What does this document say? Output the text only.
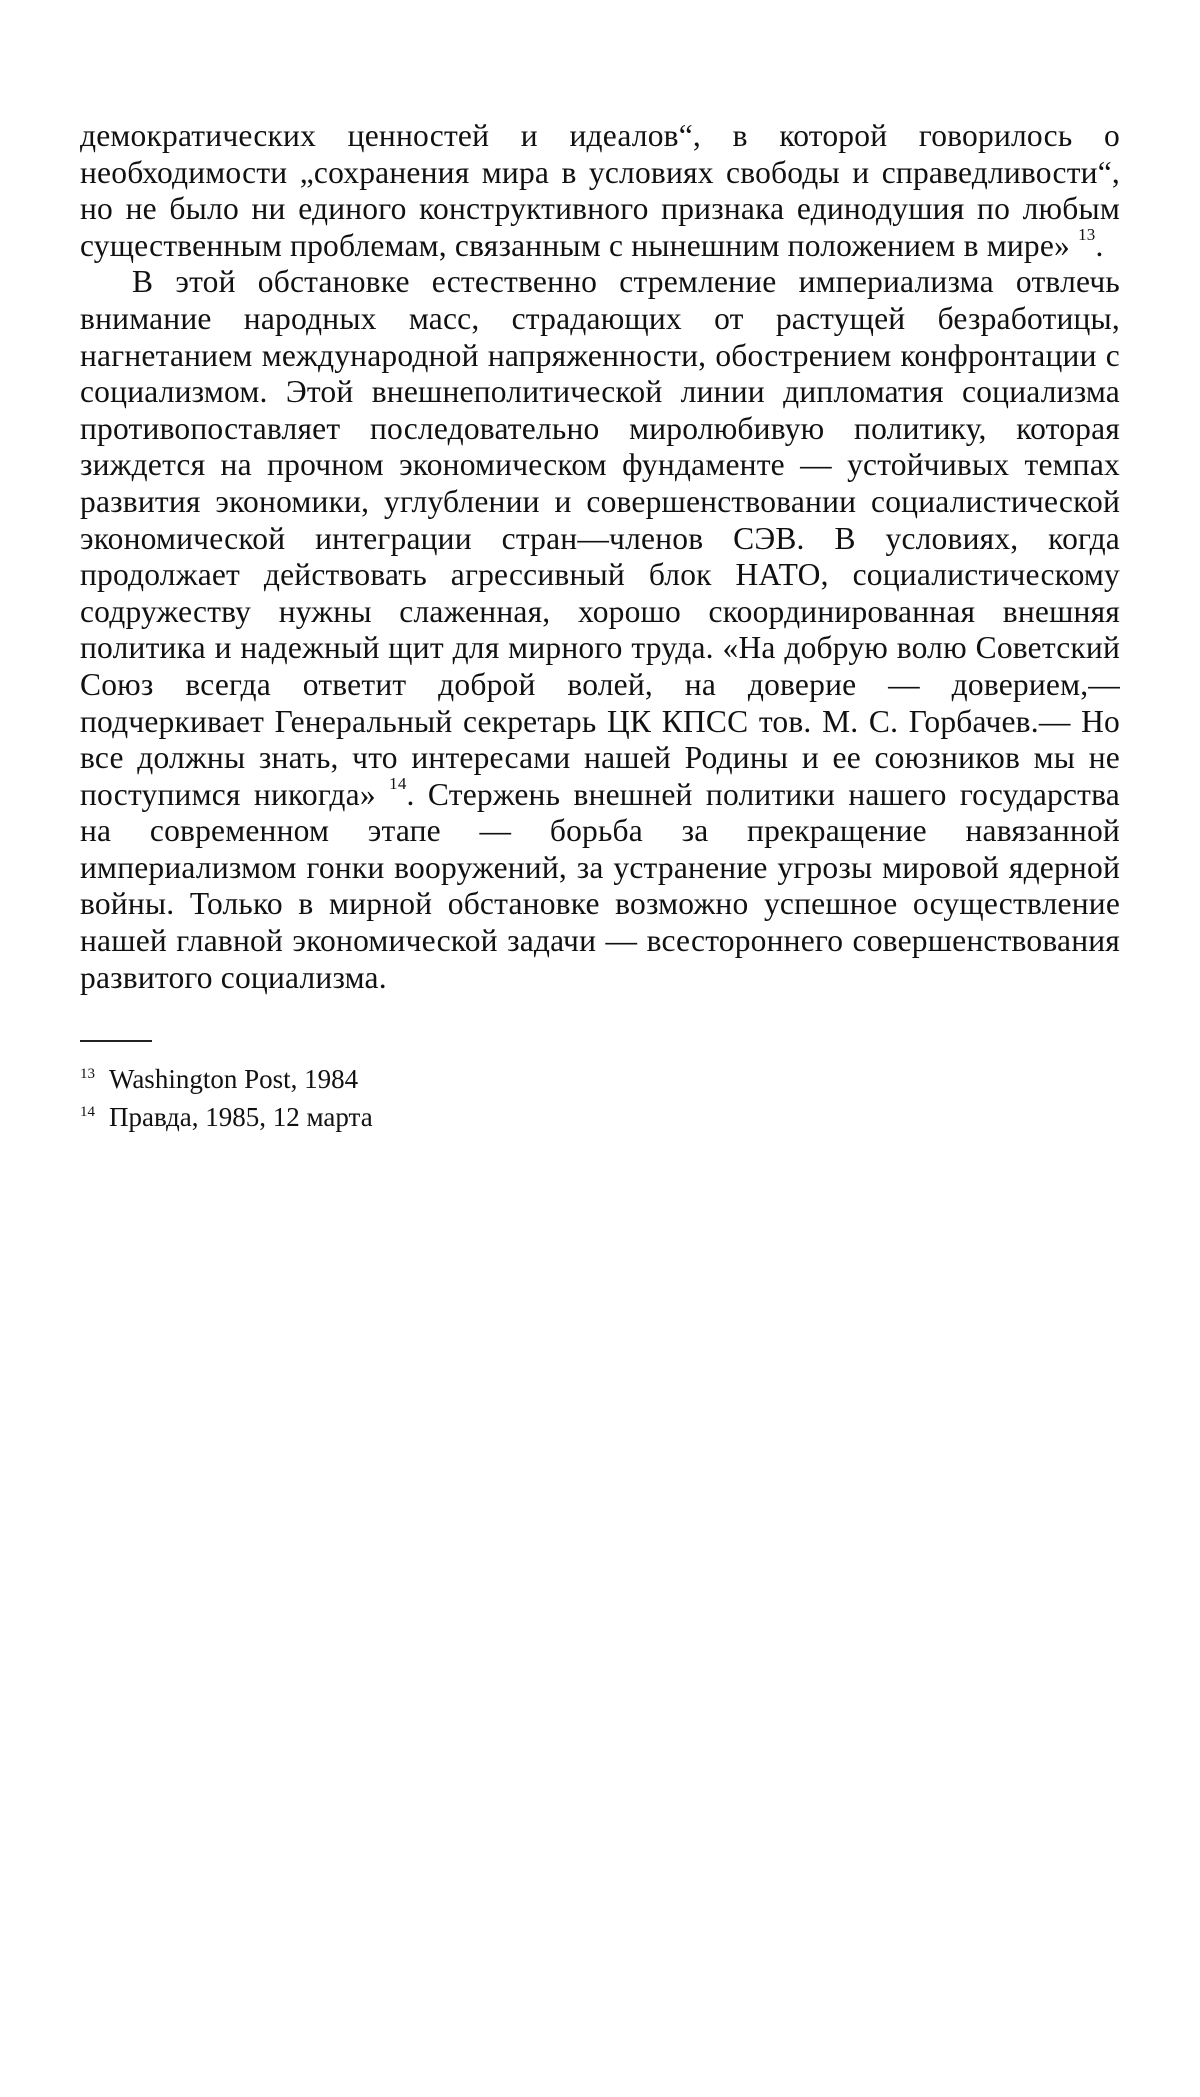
демократических ценностей и идеалов“, в которой говорилось о необходимости „сохранения мира в условиях свободы и справедливости“, но не было ни единого конструктивного признака единодушия по любым существенным проблемам, связанным с нынешним положением в мире» $^{13}$.

В этой обстановке естественно стремление империализма отвлечь внимание народных масс, страдающих от растущей безработицы, нагнетанием международной напряженности, обострением конфронтации с социализмом. Этой внешнеполитической линии дипломатия социализма противопоставляет последовательно миролюбивую политику, которая зиждется на прочном экономическом фундаменте — устойчивых темпах развития экономики, углублении и совершенствовании социалистической экономической интеграции стран—членов СЭВ. В условиях, когда продолжает действовать агрессивный блок НАТО, социалистическому содружеству нужны слаженная, хорошо скоординированная внешняя политика и надежный щит для мирного труда. «На добрую волю Советский Союз всегда ответит доброй волей, на доверие — доверием,— подчеркивает Генеральный секретарь ЦК КПСС тов. М. С. Горбачев.— Но все должны знать, что интересами нашей Родины и ее союзников мы не поступимся никогда» $^{14}$. Стержень внешней политики нашего государства на современном этапе — борьба за прекращение навязанной империализмом гонки вооружений, за устранение угрозы мировой ядерной войны. Только в мирной обстановке возможно успешное осуществление нашей главной экономической задачи — всестороннего совершенствования развитого социализма.

$^{13}$ Washington Post, 1984
$^{14}$ Правда, 1985, 12 марта
